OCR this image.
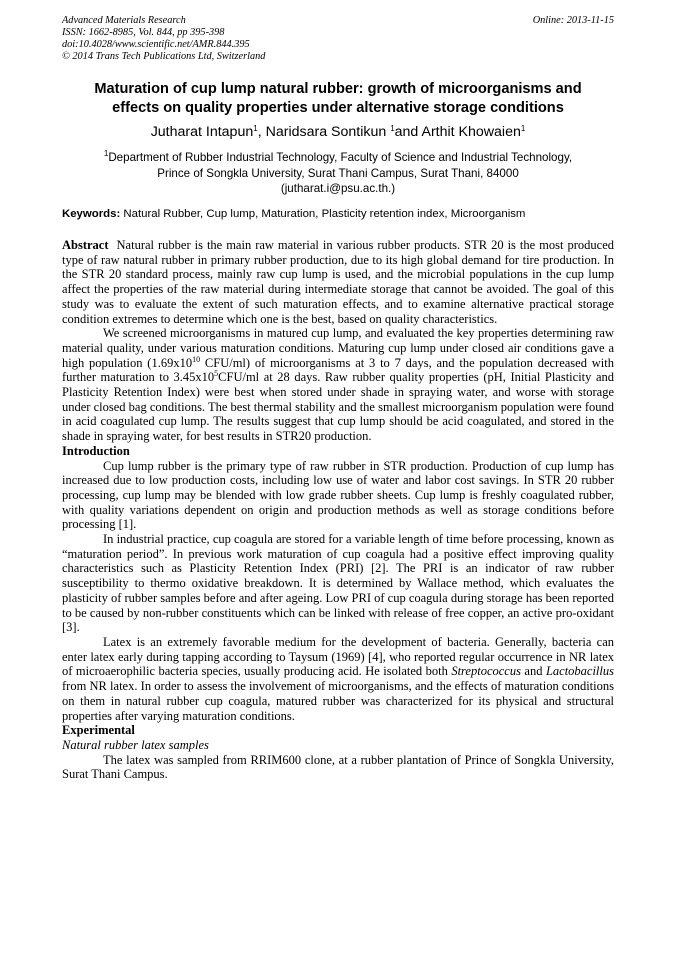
Advanced Materials Research
ISSN: 1662-8985, Vol. 844, pp 395-398
doi:10.4028/www.scientific.net/AMR.844.395
© 2014 Trans Tech Publications Ltd, Switzerland
Online: 2013-11-15
Maturation of cup lump natural rubber: growth of microorganisms and
effects on quality properties under alternative storage conditions
Jutharat Intapun$^1$, Naridsara Sontikun $^1$and Arthit Khowaien$^1$
$^1$Department of Rubber Industrial Technology, Faculty of Science and Industrial Technology,
Prince of Songkla University, Surat Thani Campus, Surat Thani, 84000
(jutharat.i@psu.ac.th.)
Keywords: Natural Rubber, Cup lump, Maturation, Plasticity retention index, Microorganism

Abstract Natural rubber is the main raw material in various rubber products. STR 20 is the most produced type of raw natural rubber in primary rubber production, due to its high global demand for tire production. In the STR 20 standard process, mainly raw cup lump is used, and the microbial populations in the cup lump affect the properties of the raw material during intermediate storage that cannot be avoided. The goal of this study was to evaluate the extent of such maturation effects, and to examine alternative practical storage condition extremes to determine which one is the best, based on quality characteristics.

We screened microorganisms in matured cup lump, and evaluated the key properties determining raw material quality, under various maturation conditions. Maturing cup lump under closed air conditions gave a high population ($1.69x10^{10}$ CFU/ml) of microorganisms at 3 to 7 days, and the population decreased with further maturation to $3.45x10^5CFU/ml$ at 28 days. Raw rubber quality properties (pH, Initial Plasticity and Plasticity Retention Index) were best when stored under shade in spraying water, and worse with storage under closed bag conditions. The best thermal stability and the smallest microorganism population were found in acid coagulated cup lump. The results suggest that cup lump should be acid coagulated, and stored in the shade in spraying water, for best results in STR20 production.

Introduction

Cup lump rubber is the primary type of raw rubber in STR production. Production of cup lump has increased due to low production costs, including low use of water and labor cost savings. In STR 20 rubber processing, cup lump may be blended with low grade rubber sheets. Cup lump is freshly coagulated rubber, with quality variations dependent on origin and production methods as well as storage conditions before processing [1].

In industrial practice, cup coagula are stored for a variable length of time before processing, known as “maturation period”. In previous work maturation of cup coagula had a positive effect improving quality characteristics such as Plasticity Retention Index (PRI) [2]. The PRI is an indicator of raw rubber susceptibility to thermo oxidative breakdown. It is determined by Wallace method, which evaluates the plasticity of rubber samples before and after ageing. Low PRI of cup coagula during storage has been reported to be caused by non-rubber constituents which can be linked with release of free copper, an active pro-oxidant [3].

Latex is an extremely favorable medium for the development of bacteria. Generally, bacteria can enter latex early during tapping according to Taysum (1969) [4], who reported regular occurrence in NR latex of microaerophilic bacteria species, usually producing acid. He isolated both Streptococcus and Lactobacillus from NR latex. In order to assess the involvement of microorganisms, and the effects of maturation conditions on them in natural rubber cup coagula, matured rubber was characterized for its physical and structural properties after varying maturation conditions.

Experimental

Natural rubber latex samples

The latex was sampled from RRIM600 clone, at a rubber plantation of Prince of Songkla University, Surat Thani Campus.
